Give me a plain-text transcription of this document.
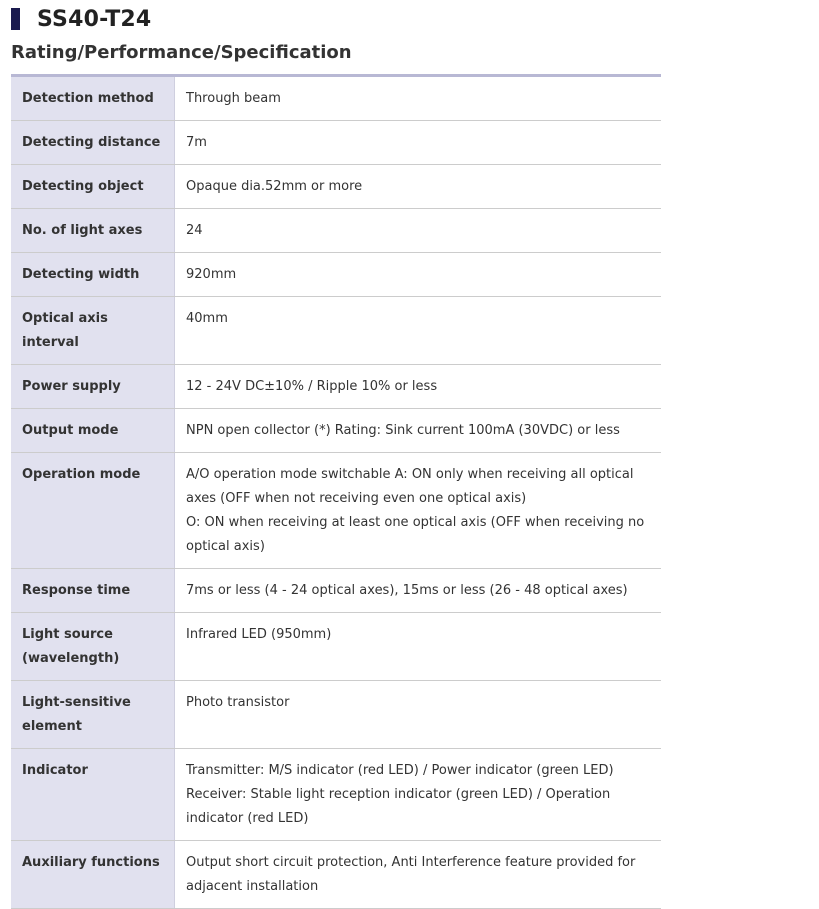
SS40-T24
Rating/Performance/Specification
Detection method	Through beam

Detecting distance	7m

Detecting object	Opaque dia.52mm or more

No. of light axes	24

Detecting width	920mm

Optical axis interval	40mm

Power supply	12 - 24V DC±10% / Ripple 10% or less

Output mode	NPN open collector (*) Rating: Sink current 100mA (30VDC) or less

Operation mode	A/O operation mode switchable A: ON only when receiving all optical axes (OFF when not receiving even one optical axis)
O: ON when receiving at least one optical axis (OFF when receiving no optical axis)

Response time	7ms or less (4 - 24 optical axes), 15ms or less (26 - 48 optical axes)

Light source (wavelength)	Infrared LED (950mm)

Light-sensitive element	Photo transistor

Indicator	Transmitter: M/S indicator (red LED) / Power indicator (green LED)
Receiver: Stable light reception indicator (green LED) / Operation indicator (red LED)

Auxiliary functions	Output short circuit protection, Anti Interference feature provided for adjacent installation
